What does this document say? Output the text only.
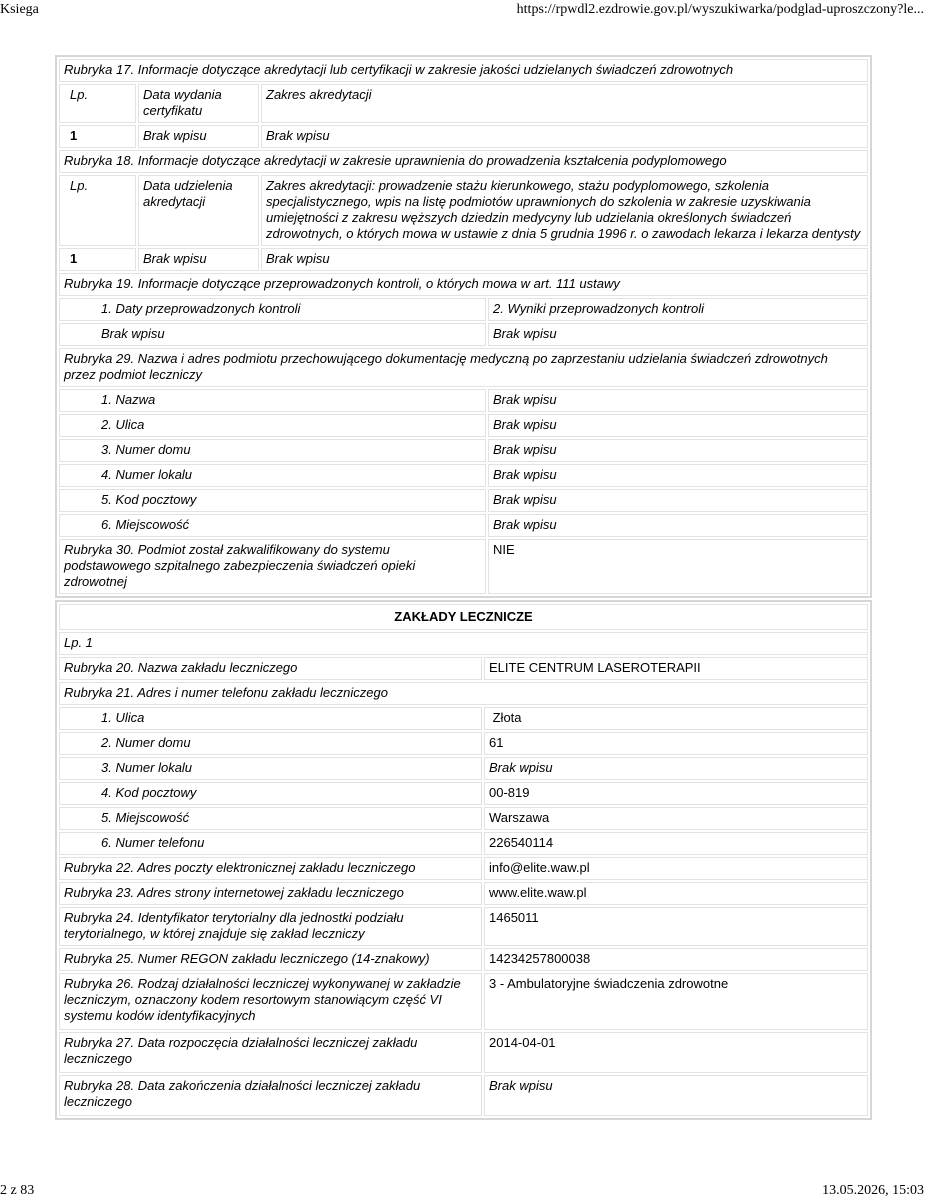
Ksiega	https://rpwdl2.ezdrowie.gov.pl/wyszukiwarka/podglad-uproszczony?le...
Rubryka 17. Informacje dotyczące akredytacji lub certyfikacji w zakresie jakości udzielanych świadczeń zdrowotnych			
Lp.	Data wydania certyfikatu	Zakres akredytacji	
1	Brak wpisu	Brak wpisu	
Rubryka 18. Informacje dotyczące akredytacji w zakresie uprawnienia do prowadzenia kształcenia podyplomowego			
Lp.	Data udzielenia akredytacji	Zakres akredytacji: prowadzenie stażu kierunkowego, stażu podyplomowego, szkolenia specjalistycznego, wpis na listę podmiotów uprawnionych do szkolenia w zakresie uzyskiwania umiejętności z zakresu węższych dziedzin medycyny lub udzielania określonych świadczeń zdrowotnych, o których mowa w ustawie z dnia 5 grudnia 1996 r. o zawodach lekarza i lekarza dentysty	
1	Brak wpisu	Brak wpisu	
Rubryka 19. Informacje dotyczące przeprowadzonych kontroli, o których mowa w art. 111 ustawy			
1. Daty przeprowadzonych kontroli			2. Wyniki przeprowadzonych kontroli
Brak wpisu			Brak wpisu
Rubryka 29. Nazwa i adres podmiotu przechowującego dokumentację medyczną po zaprzestaniu udzielania świadczeń zdrowotnych przez podmiot leczniczy			
1. Nazwa			Brak wpisu
2. Ulica			Brak wpisu
3. Numer domu			Brak wpisu
4. Numer lokalu			Brak wpisu
5. Kod pocztowy			Brak wpisu
6. Miejscowość			Brak wpisu
Rubryka 30. Podmiot został zakwalifikowany do systemu podstawowego szpitalnego zabezpieczenia świadczeń opieki zdrowotnej			NIE
ZAKŁADY LECZNICZE	
Lp. 1	
Rubryka 20. Nazwa zakładu leczniczego	ELITE CENTRUM LASEROTERAPII
Rubryka 21. Adres i numer telefonu zakładu leczniczego	
1. Ulica	Złota
2. Numer domu	61
3. Numer lokalu	Brak wpisu
4. Kod pocztowy	00-819
5. Miejscowość	Warszawa
6. Numer telefonu	226540114
Rubryka 22. Adres poczty elektronicznej zakładu leczniczego	info@elite.waw.pl
Rubryka 23. Adres strony internetowej zakładu leczniczego	www.elite.waw.pl
Rubryka 24. Identyfikator terytorialny dla jednostki podziału terytorialnego, w której znajduje się zakład leczniczy	1465011
Rubryka 25. Numer REGON zakładu leczniczego (14-znakowy)	14234257800038
Rubryka 26. Rodzaj działalności leczniczej wykonywanej w zakładzie leczniczym, oznaczony kodem resortowym stanowiącym część VI systemu kodów identyfikacyjnych	3 - Ambulatoryjne świadczenia zdrowotne
Rubryka 27. Data rozpoczęcia działalności leczniczej zakładu leczniczego	2014-04-01
Rubryka 28. Data zakończenia działalności leczniczej zakładu leczniczego	Brak wpisu
2 z 83	13.05.2026, 15:03
